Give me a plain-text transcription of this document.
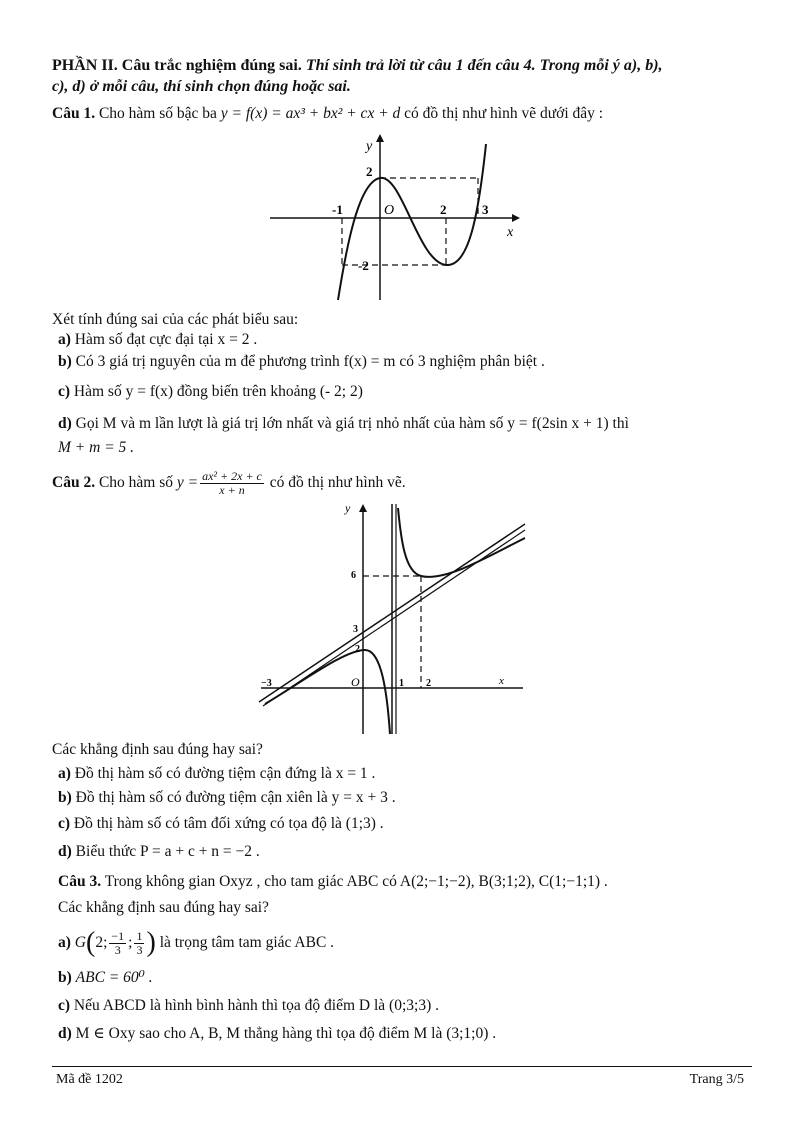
PHẦN II. Câu trắc nghiệm đúng sai. Thí sinh trả lời từ câu 1 đến câu 4. Trong mỗi ý a), b),
c), d) ở mỗi câu, thí sinh chọn đúng hoặc sai.
Câu 1. Cho hàm số bậc ba y = f(x) = ax³ + bx² + cx + d có đồ thị như hình vẽ dưới đây :
y
x
O
2
-1	2	3
-2
Xét tính đúng sai của các phát biểu sau:
a) Hàm số đạt cực đại tại x = 2 .
b) Có 3 giá trị nguyên của m để phương trình f(x) = m có 3 nghiệm phân biệt .
c) Hàm số y = f(x) đồng biến trên khoảng (- 2; 2)
d) Gọi M và m lần lượt là giá trị lớn nhất và giá trị nhỏ nhất của hàm số y = f(2sin x + 1) thì
M + m = 5 .
Câu 2. Cho hàm số $y = \frac{\text{ax² + 2x + c}}{x + n}$ có đồ thị như hình vẽ.
y
x
O
6
3
2
−3	1 2
Các khẳng định sau đúng hay sai?
a) Đồ thị hàm số có đường tiệm cận đứng là x = 1 .
b) Đồ thị hàm số có đường tiệm cận xiên là y = x + 3 .
c) Đồ thị hàm số có tâm đối xứng có tọa độ là (1;3) .
d) Biểu thức P = a + c + n = −2 .
Câu 3. Trong không gian Oxyz , cho tam giác ABC có A(2;−1;−2), B(3;1;2), C(1;−1;1) .
Các khẳng định sau đúng hay sai?
a)
G ( 2; $\frac{-1}{3}$ ; $\frac{1}{3}$ )
là trọng tâm tam giác ABC .
b) ABC = 60⁰ .
c) Nếu ABCD là hình bình hành thì tọa độ điểm D là (0;3;3) .
d) M ∈ Oxy sao cho A, B, M thẳng hàng thì tọa độ điểm M là (3;1;0) .
Mã đề 1202	Trang 3/5
